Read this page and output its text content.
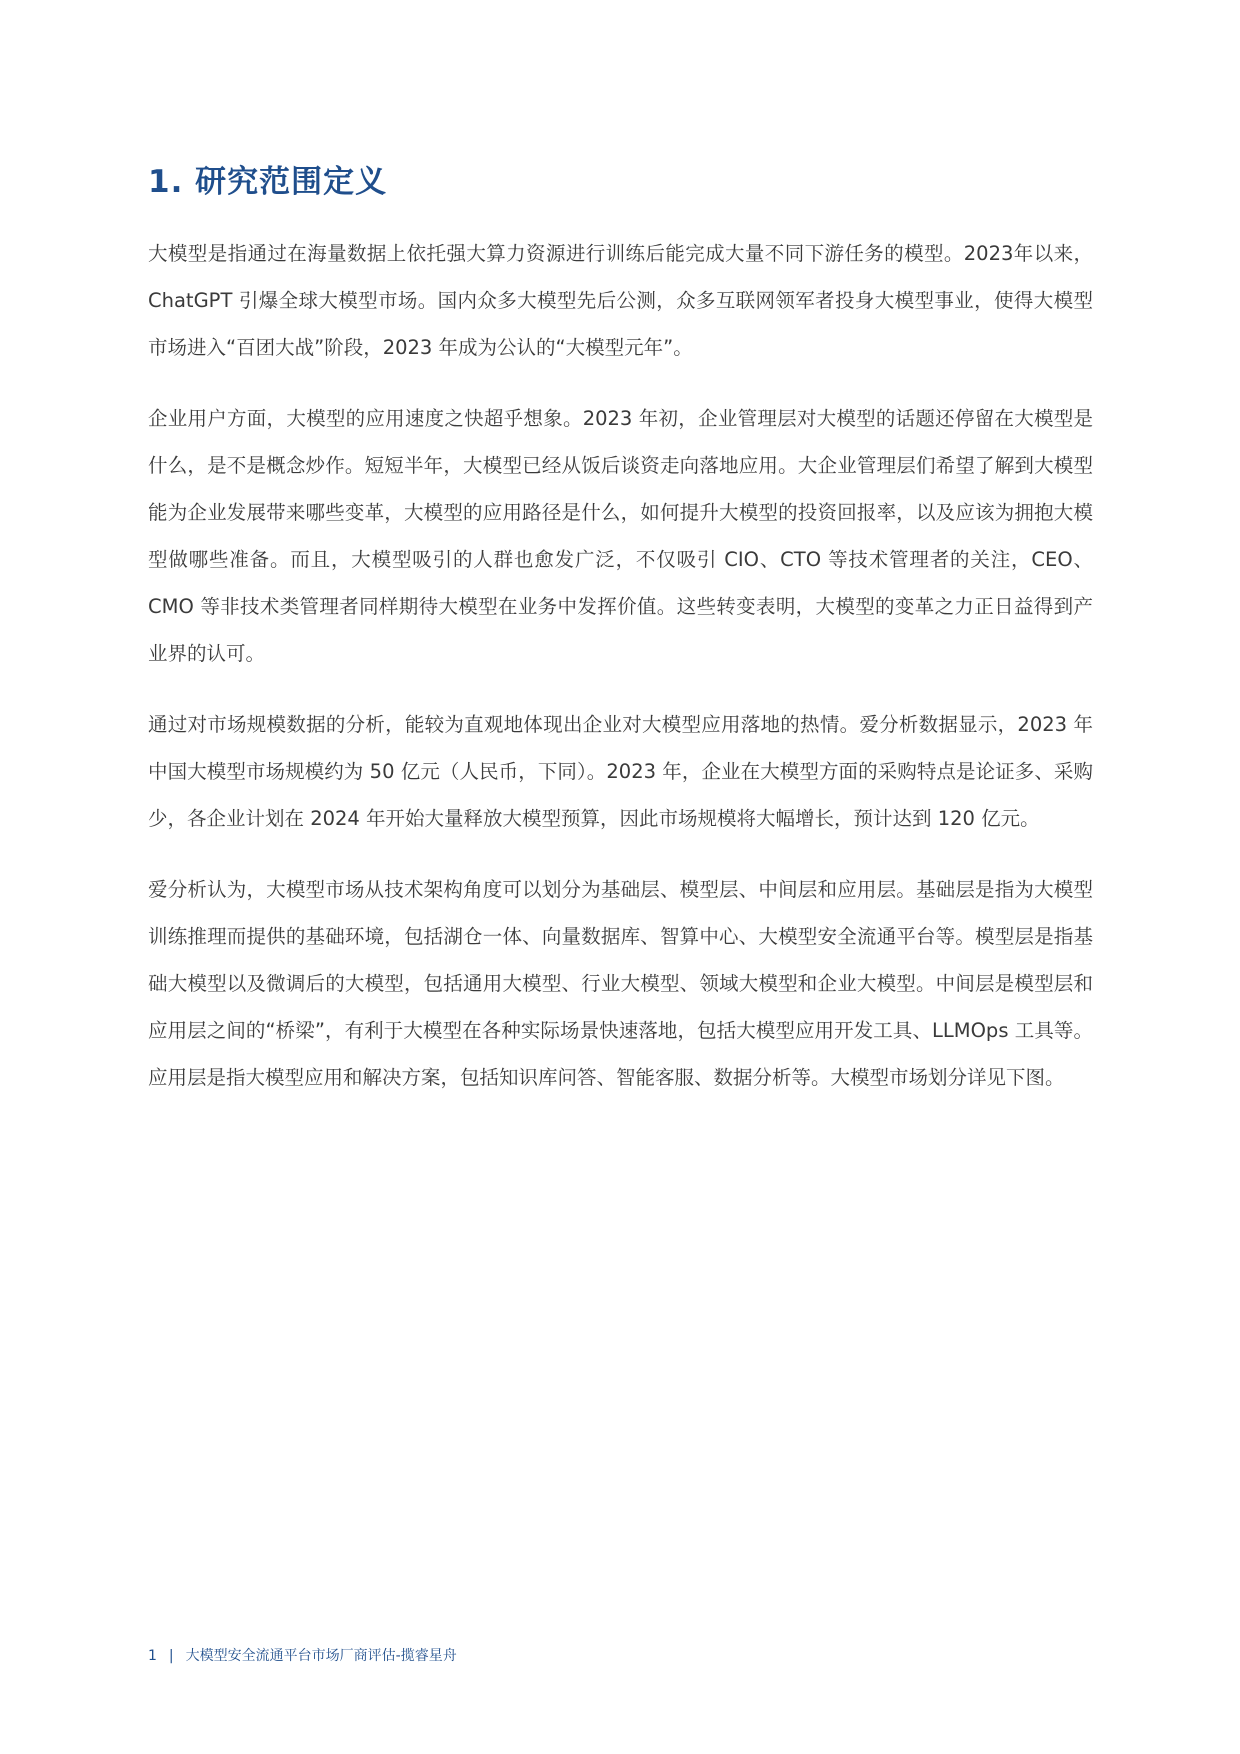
1. 研究范围定义

大模型是指通过在海量数据上依托强大算力资源进行训练后能完成大量不同下游任务的模型。2023年以来，ChatGPT 引爆全球大模型市场。国内众多大模型先后公测，众多互联网领军者投身大模型事业，使得大模型市场进入“百团大战”阶段，2023 年成为公认的“大模型元年”。

企业用户方面，大模型的应用速度之快超乎想象。2023 年初，企业管理层对大模型的话题还停留在大模型是什么，是不是概念炒作。短短半年，大模型已经从饭后谈资走向落地应用。大企业管理层们希望了解到大模型能为企业发展带来哪些变革，大模型的应用路径是什么，如何提升大模型的投资回报率，以及应该为拥抱大模型做哪些准备。而且，大模型吸引的人群也愈发广泛，不仅吸引 CIO、CTO 等技术管理者的关注，CEO、CMO 等非技术类管理者同样期待大模型在业务中发挥价值。这些转变表明，大模型的变革之力正日益得到产业界的认可。

通过对市场规模数据的分析，能较为直观地体现出企业对大模型应用落地的热情。爱分析数据显示，2023 年中国大模型市场规模约为 50 亿元（人民币，下同）。2023 年，企业在大模型方面的采购特点是论证多、采购少，各企业计划在 2024 年开始大量释放大模型预算，因此市场规模将大幅增长，预计达到 120 亿元。

爱分析认为，大模型市场从技术架构角度可以划分为基础层、模型层、中间层和应用层。基础层是指为大模型训练推理而提供的基础环境，包括湖仓一体、向量数据库、智算中心、大模型安全流通平台等。模型层是指基础大模型以及微调后的大模型，包括通用大模型、行业大模型、领域大模型和企业大模型。中间层是模型层和应用层之间的“桥梁”，有利于大模型在各种实际场景快速落地，包括大模型应用开发工具、LLMOps 工具等。应用层是指大模型应用和解决方案，包括知识库问答、智能客服、数据分析等。大模型市场划分详见下图。

1 | 大模型安全流通平台市场厂商评估-揽睿星舟
